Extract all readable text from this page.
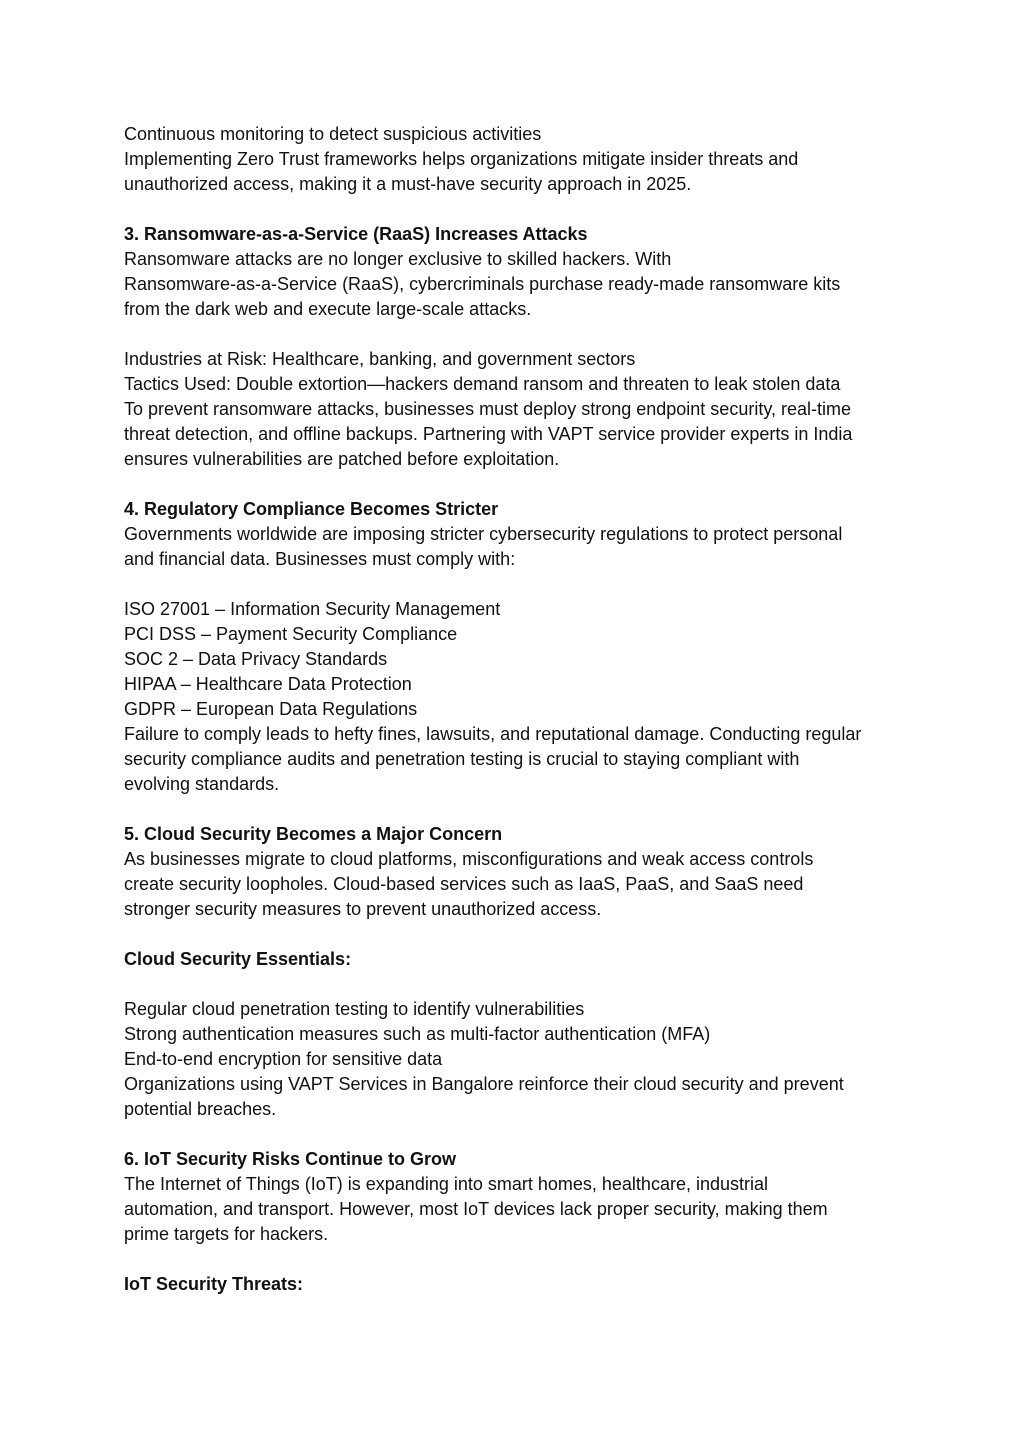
Continuous monitoring to detect suspicious activities
Implementing Zero Trust frameworks helps organizations mitigate insider threats and
unauthorized access, making it a must-have security approach in 2025.
3. Ransomware-as-a-Service (RaaS) Increases Attacks
Ransomware attacks are no longer exclusive to skilled hackers. With
Ransomware-as-a-Service (RaaS), cybercriminals purchase ready-made ransomware kits
from the dark web and execute large-scale attacks.
Industries at Risk: Healthcare, banking, and government sectors
Tactics Used: Double extortion—hackers demand ransom and threaten to leak stolen data
To prevent ransomware attacks, businesses must deploy strong endpoint security, real-time
threat detection, and offline backups. Partnering with VAPT service provider experts in India
ensures vulnerabilities are patched before exploitation.
4. Regulatory Compliance Becomes Stricter
Governments worldwide are imposing stricter cybersecurity regulations to protect personal
and financial data. Businesses must comply with:
ISO 27001 – Information Security Management
PCI DSS – Payment Security Compliance
SOC 2 – Data Privacy Standards
HIPAA – Healthcare Data Protection
GDPR – European Data Regulations
Failure to comply leads to hefty fines, lawsuits, and reputational damage. Conducting regular
security compliance audits and penetration testing is crucial to staying compliant with
evolving standards.
5. Cloud Security Becomes a Major Concern
As businesses migrate to cloud platforms, misconfigurations and weak access controls
create security loopholes. Cloud-based services such as IaaS, PaaS, and SaaS need
stronger security measures to prevent unauthorized access.
Cloud Security Essentials:
Regular cloud penetration testing to identify vulnerabilities
Strong authentication measures such as multi-factor authentication (MFA)
End-to-end encryption for sensitive data
Organizations using VAPT Services in Bangalore reinforce their cloud security and prevent
potential breaches.
6. IoT Security Risks Continue to Grow
The Internet of Things (IoT) is expanding into smart homes, healthcare, industrial
automation, and transport. However, most IoT devices lack proper security, making them
prime targets for hackers.
IoT Security Threats:
